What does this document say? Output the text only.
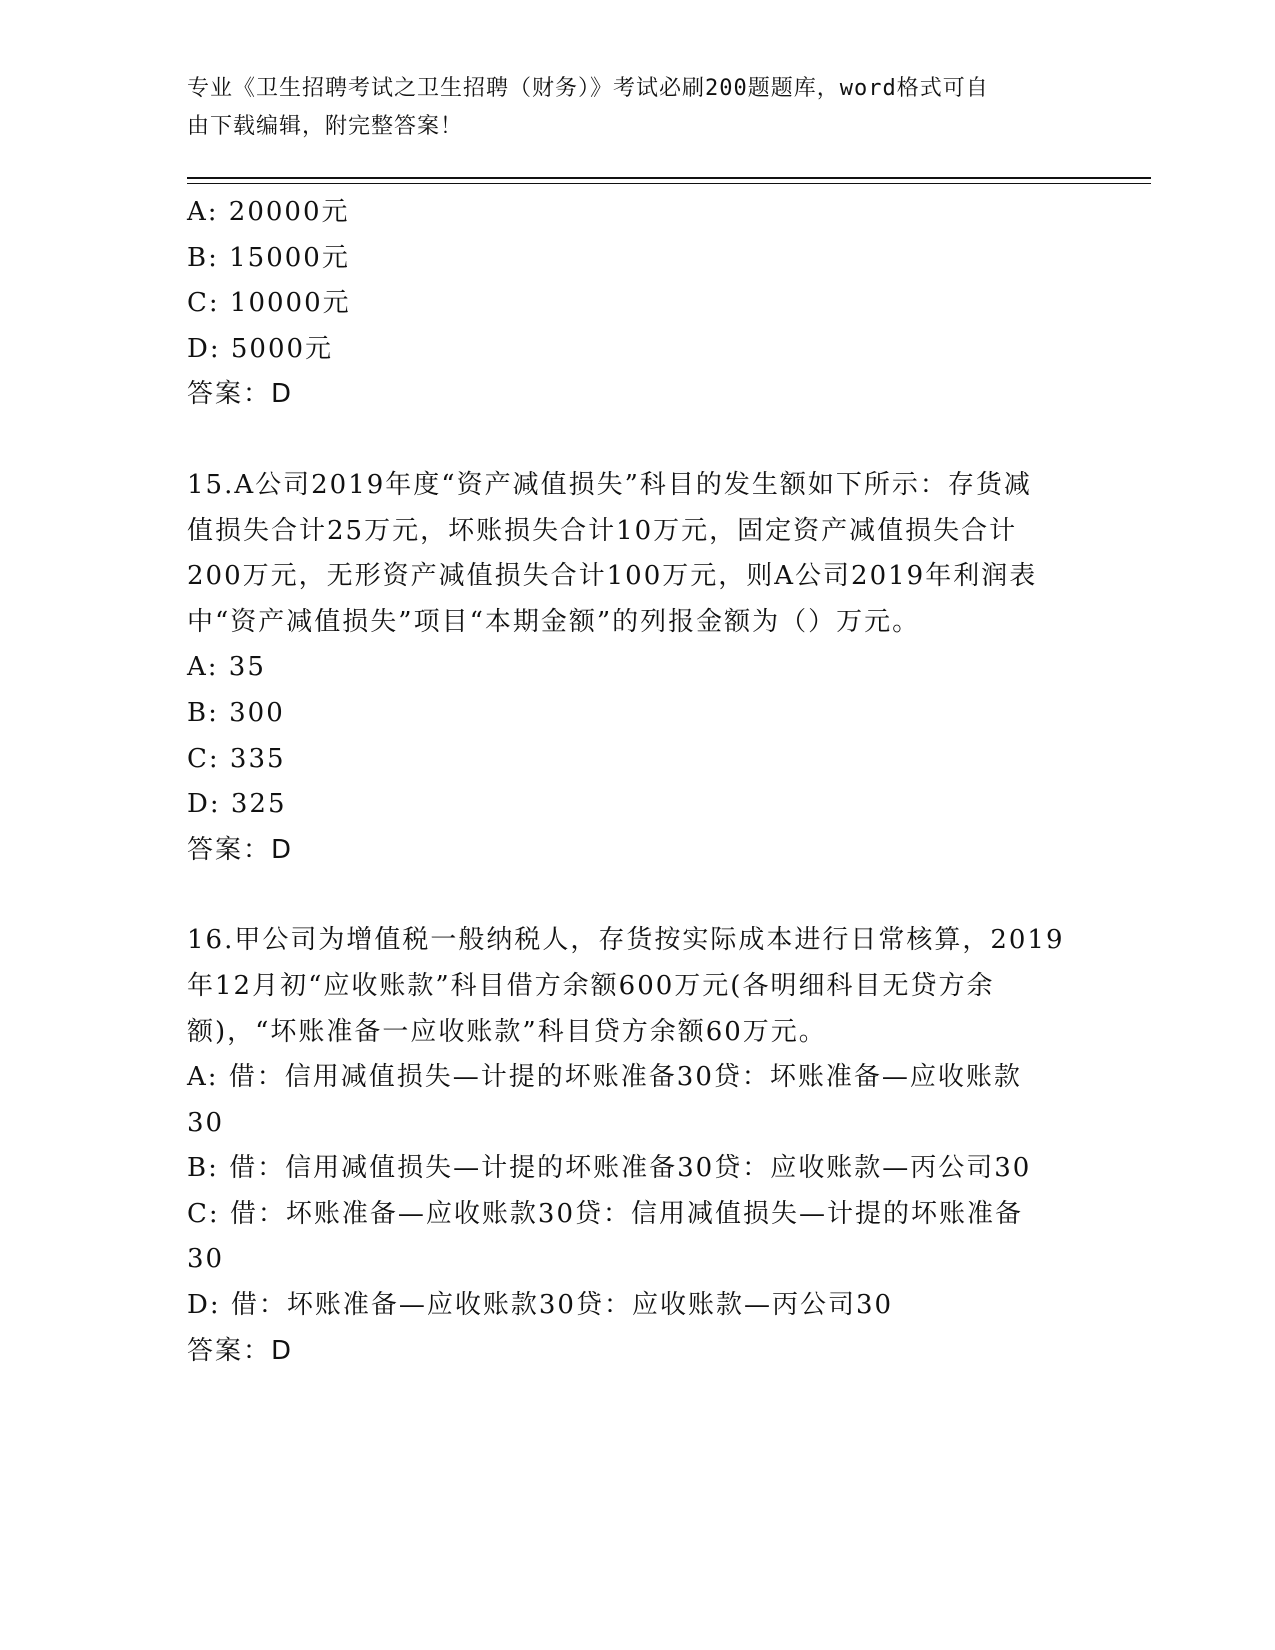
专业《卫生招聘考试之卫生招聘（财务）》考试必刷200题题库，word格式可自
由下载编辑，附完整答案！
A: 20000元
B: 15000元
C: 10000元
D: 5000元
答案：D
15.A公司2019年度“资产减值损失”科目的发生额如下所示：存货减
值损失合计25万元，坏账损失合计10万元，固定资产减值损失合计
200万元，无形资产减值损失合计100万元，则A公司2019年利润表
中“资产减值损失”项目“本期金额”的列报金额为（）万元。
A: 35
B: 300
C: 335
D: 325
答案：D
16.甲公司为增值税一般纳税人，存货按实际成本进行日常核算，2019
年12月初“应收账款”科目借方余额600万元(各明细科目无贷方余
额)，“坏账准备一应收账款”科目贷方余额60万元。
A: 借：信用减值损失—计提的坏账准备30贷：坏账准备—应收账款
30
B: 借：信用减值损失—计提的坏账准备30贷：应收账款—丙公司30
C: 借：坏账准备—应收账款30贷：信用减值损失—计提的坏账准备
30
D: 借：坏账准备—应收账款30贷：应收账款—丙公司30
答案：D
